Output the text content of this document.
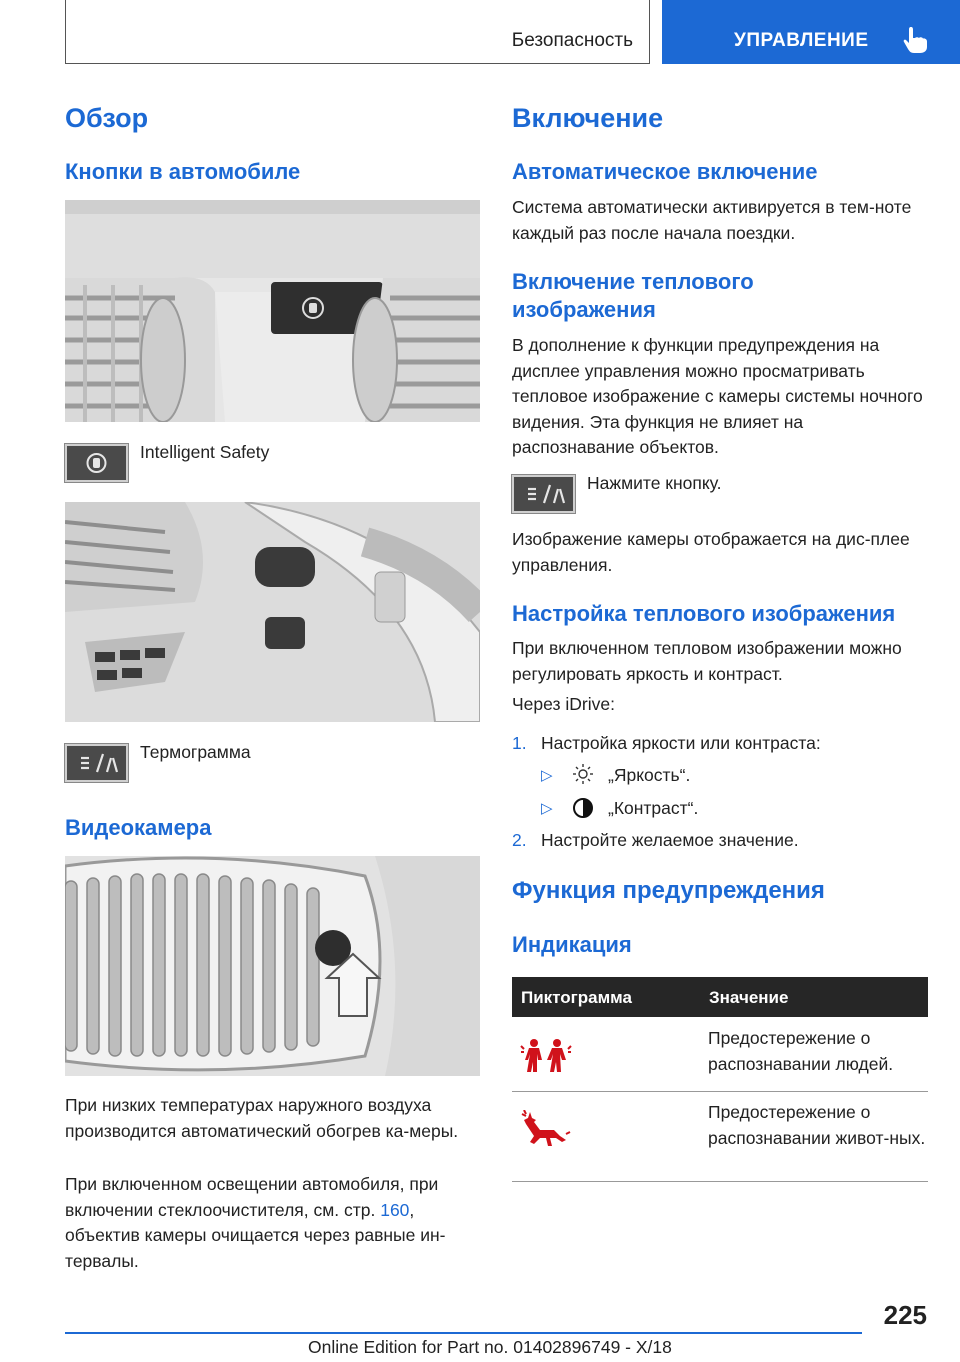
Безопасность	УПРАВЛЕНИЕ
Обзор
Кнопки в автомобиле

Intelligent Safety

Термограмма

Видеокамера

При низких температурах наружного воздуха производится автоматический обогрев ка-меры.

При включенном освещении автомобиля, при включении стеклоочистителя, см. стр. 160, объектив камеры очищается через равные ин-тервалы.

Включение
Автоматическое включение

Система автоматически активируется в тем-ноте каждый раз после начала поездки.

Включение теплового изображения

В дополнение к функции предупреждения на дисплее управления можно просматривать тепловое изображение с камеры системы ночного видения. Эта функция не влияет на распознавание объектов.

Нажмите кнопку.

Изображение камеры отображается на дис-плее управления.

Настройка теплового изображения

При включенном тепловом изображении можно регулировать яркость и контраст.

Через iDrive:

1. Настройка яркости или контраста:

▷	„Яркость“.

▷	„Контраст“.

2. Настройте желаемое значение.

Функция предупреждения
Индикация
Пиктограмма	Значение

Предостережение о распознавании людей.

Предостережение о распознавании живот-ных.

225
Online Edition for Part no. 01402896749 - X/18
